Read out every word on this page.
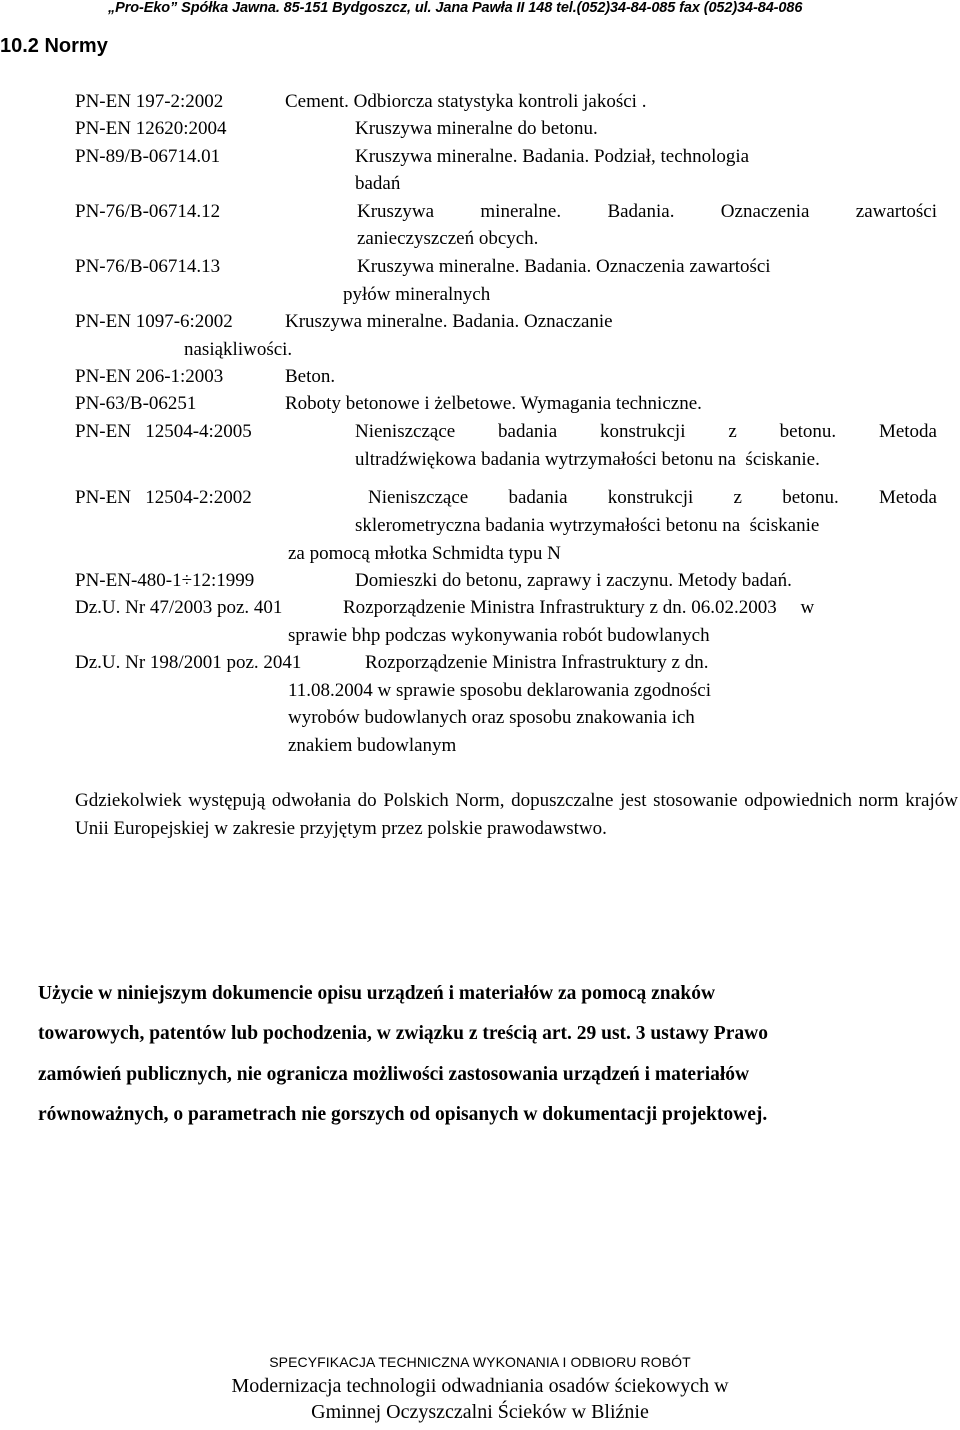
„Pro-Eko” Spółka Jawna. 85-151 Bydgoszcz, ul. Jana Pawła II 148 tel.(052)34-84-085 fax (052)34-84-086
10.2 Normy
PN-EN 197-2:2002	Cement. Odbiorcza statystyka kontroli jakości .
PN-EN 12620:2004	Kruszywa mineralne do betonu.
PN-89/B-06714.01	Kruszywa mineralne. Badania. Podział, technologia
badań
PN-76/B-06714.12	Kruszywa mineralne. Badania. Oznaczenia zawartości
zanieczyszczeń obcych.
PN-76/B-06714.13	Kruszywa mineralne. Badania. Oznaczenia zawartości
pyłów mineralnych
PN-EN 1097-6:2002	Kruszywa mineralne. Badania. Oznaczanie
nasiąkliwości.
PN-EN 206-1:2003	Beton.
PN-63/B-06251	Roboty betonowe i żelbetowe. Wymagania techniczne.
PN-EN   12504-4:2005	Nieniszczące badania konstrukcji z betonu. Metoda
ultradźwiękowa badania wytrzymałości betonu na  ściskanie.
PN-EN   12504-2:2002	Nieniszczące badania konstrukcji z betonu. Metoda
sklerometryczna badania wytrzymałości betonu na  ściskanie
za pomocą młotka Schmidta typu N
PN-EN-480-1÷12:1999	Domieszki do betonu, zaprawy i zaczynu. Metody badań.
Dz.U. Nr 47/2003 poz. 401	Rozporządzenie Ministra Infrastruktury z dn. 06.02.2003     w
sprawie bhp podczas wykonywania robót budowlanych
Dz.U. Nr 198/2001 poz. 2041	Rozporządzenie Ministra Infrastruktury z dn.
11.08.2004 w sprawie sposobu deklarowania zgodności
wyrobów budowlanych oraz sposobu znakowania ich
znakiem budowlanym
Gdziekolwiek występują odwołania do Polskich Norm, dopuszczalne jest stosowanie odpowiednich norm krajów Unii Europejskiej w zakresie przyjętym przez polskie prawodawstwo.
Użycie w niniejszym dokumencie opisu urządzeń i materiałów za pomocą znaków
towarowych, patentów lub pochodzenia, w związku z treścią art. 29 ust. 3 ustawy Prawo
zamówień publicznych, nie ogranicza możliwości zastosowania urządzeń i materiałów
równoważnych, o parametrach nie gorszych od opisanych w dokumentacji projektowej.
SPECYFIKACJA TECHNICZNA WYKONANIA I ODBIORU ROBÓT
Modernizacja technologii odwadniania osadów ściekowych w
Gminnej Oczyszczalni Ścieków w Bliźnie
